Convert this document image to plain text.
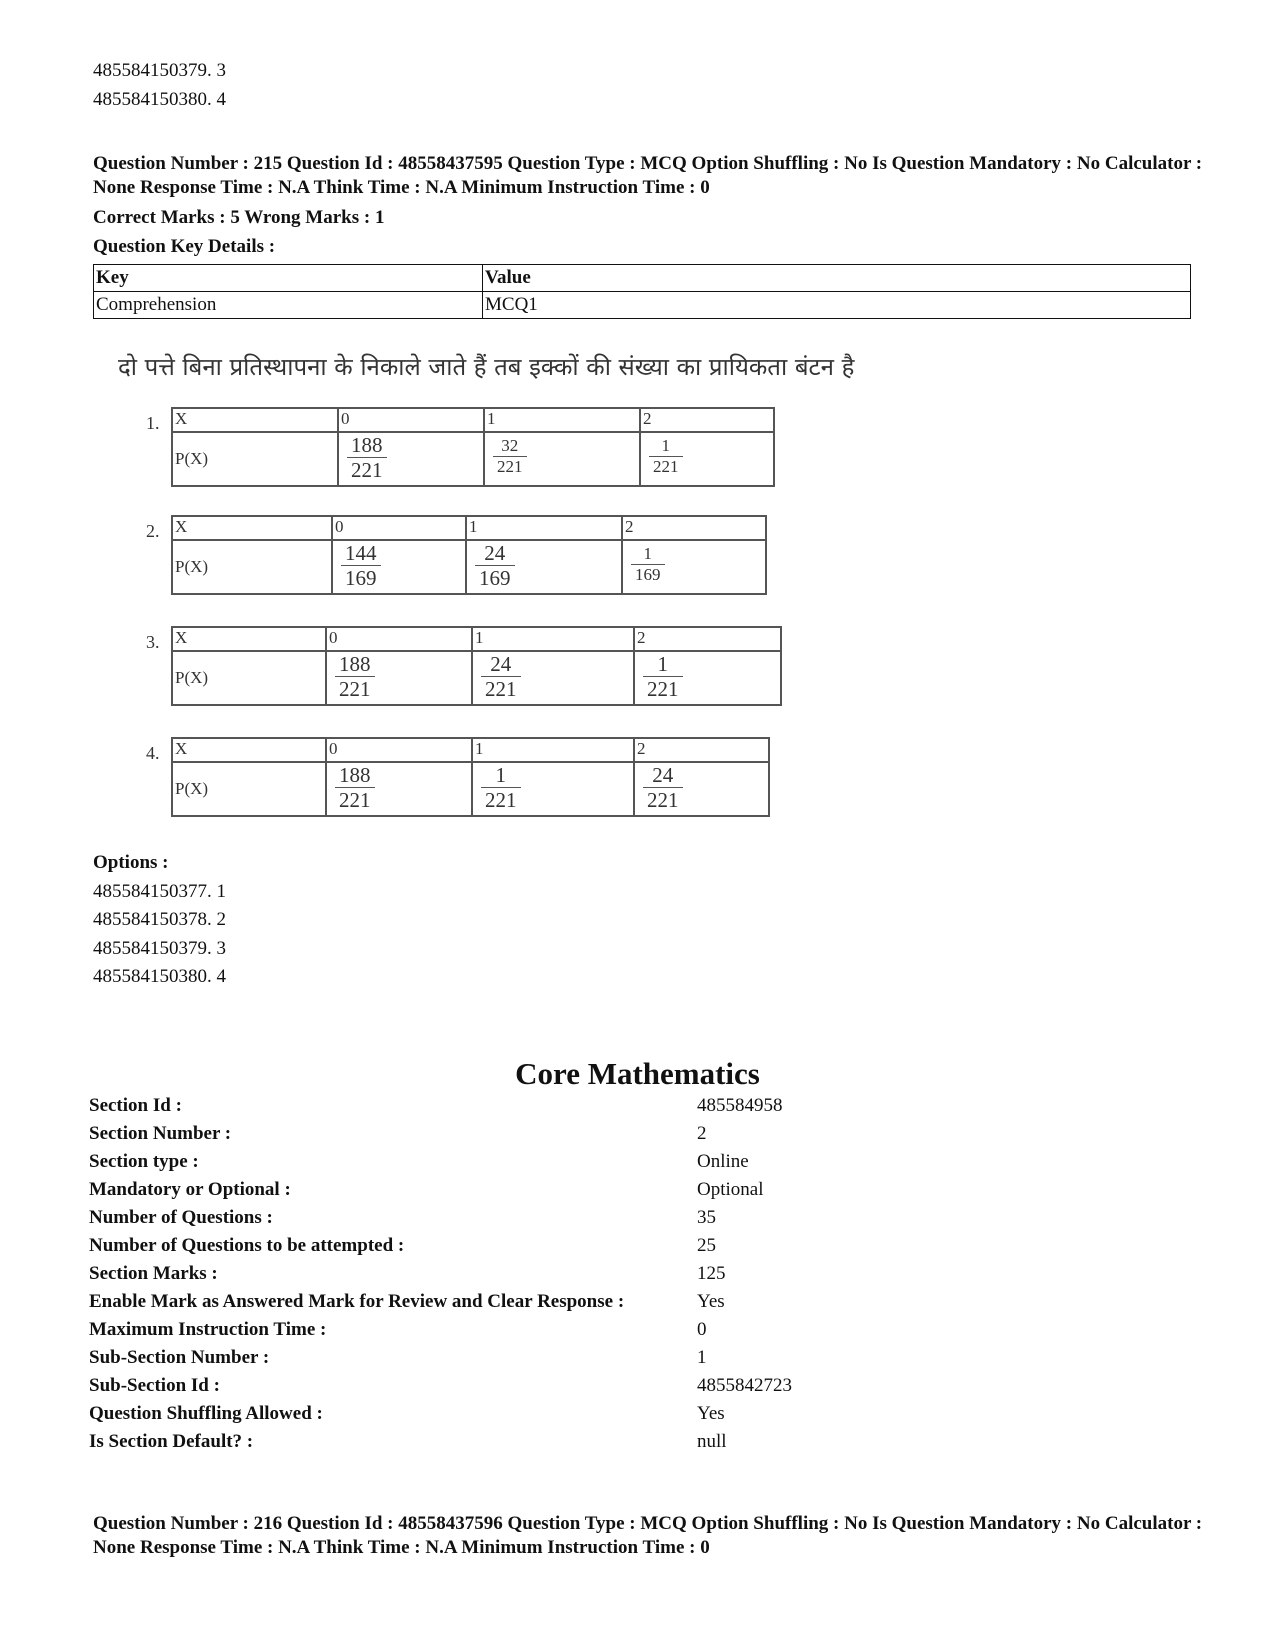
485584150379. 3
485584150380. 4
Question Number : 215 Question Id : 48558437595 Question Type : MCQ Option Shuffling : No Is Question Mandatory : No Calculator : None Response Time : N.A Think Time : N.A Minimum Instruction Time : 0
Correct Marks : 5 Wrong Marks : 1
Question Key Details :
Key	Value
Comprehension	MCQ1
दो पत्ते बिना प्रतिस्थापना के निकाले जाते हैं तब इक्कों की संख्या का प्रायिकता बंटन है
1. X	0	1	2
P(X)	$\frac{188}{221}$	$\frac{32}{221}$	$\frac{1}{221}$
2. X	0	1	2
P(X)	$\frac{144}{169}$	$\frac{24}{169}$	$\frac{1}{169}$
3. X	0	1	2
P(X)	$\frac{188}{221}$	$\frac{24}{221}$	$\frac{1}{221}$
4. X	0	1	2
P(X)	$\frac{188}{221}$	$\frac{1}{221}$	$\frac{24}{221}$
Options :
485584150377. 1
485584150378. 2
485584150379. 3
485584150380. 4
Core Mathematics
Section Id :	485584958
Section Number :	2
Section type :	Online
Mandatory or Optional :	Optional
Number of Questions :	35
Number of Questions to be attempted :	25
Section Marks :	125
Enable Mark as Answered Mark for Review and Clear Response :	Yes
Maximum Instruction Time :	0
Sub-Section Number :	1
Sub-Section Id :	4855842723
Question Shuffling Allowed :	Yes
Is Section Default? :	null
Question Number : 216 Question Id : 48558437596 Question Type : MCQ Option Shuffling : No Is Question Mandatory : No Calculator : None Response Time : N.A Think Time : N.A Minimum Instruction Time : 0
